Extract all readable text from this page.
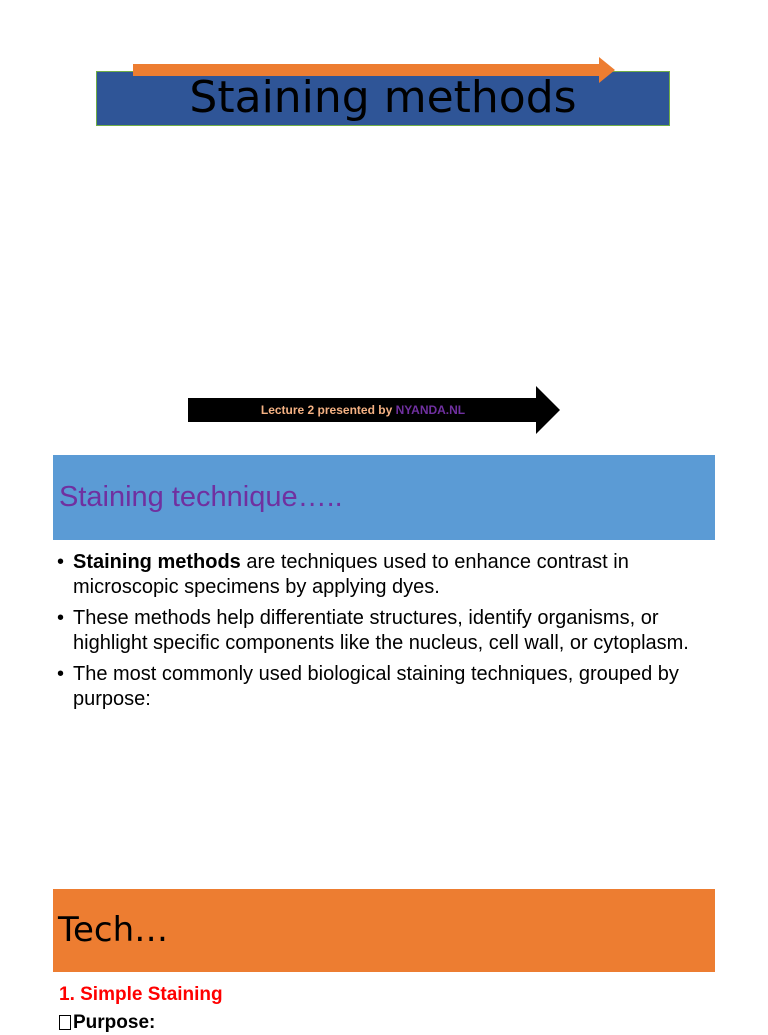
Staining methods
Lecture 2 presented by NYANDA.NL
Staining technique…..
• Staining methods are techniques used to enhance contrast in microscopic specimens by applying dyes.
• These methods help differentiate structures, identify organisms, or highlight specific components like the nucleus, cell wall, or cytoplasm.
• The most commonly used biological staining techniques, grouped by purpose:
Tech…
1. Simple Staining
Purpose:
